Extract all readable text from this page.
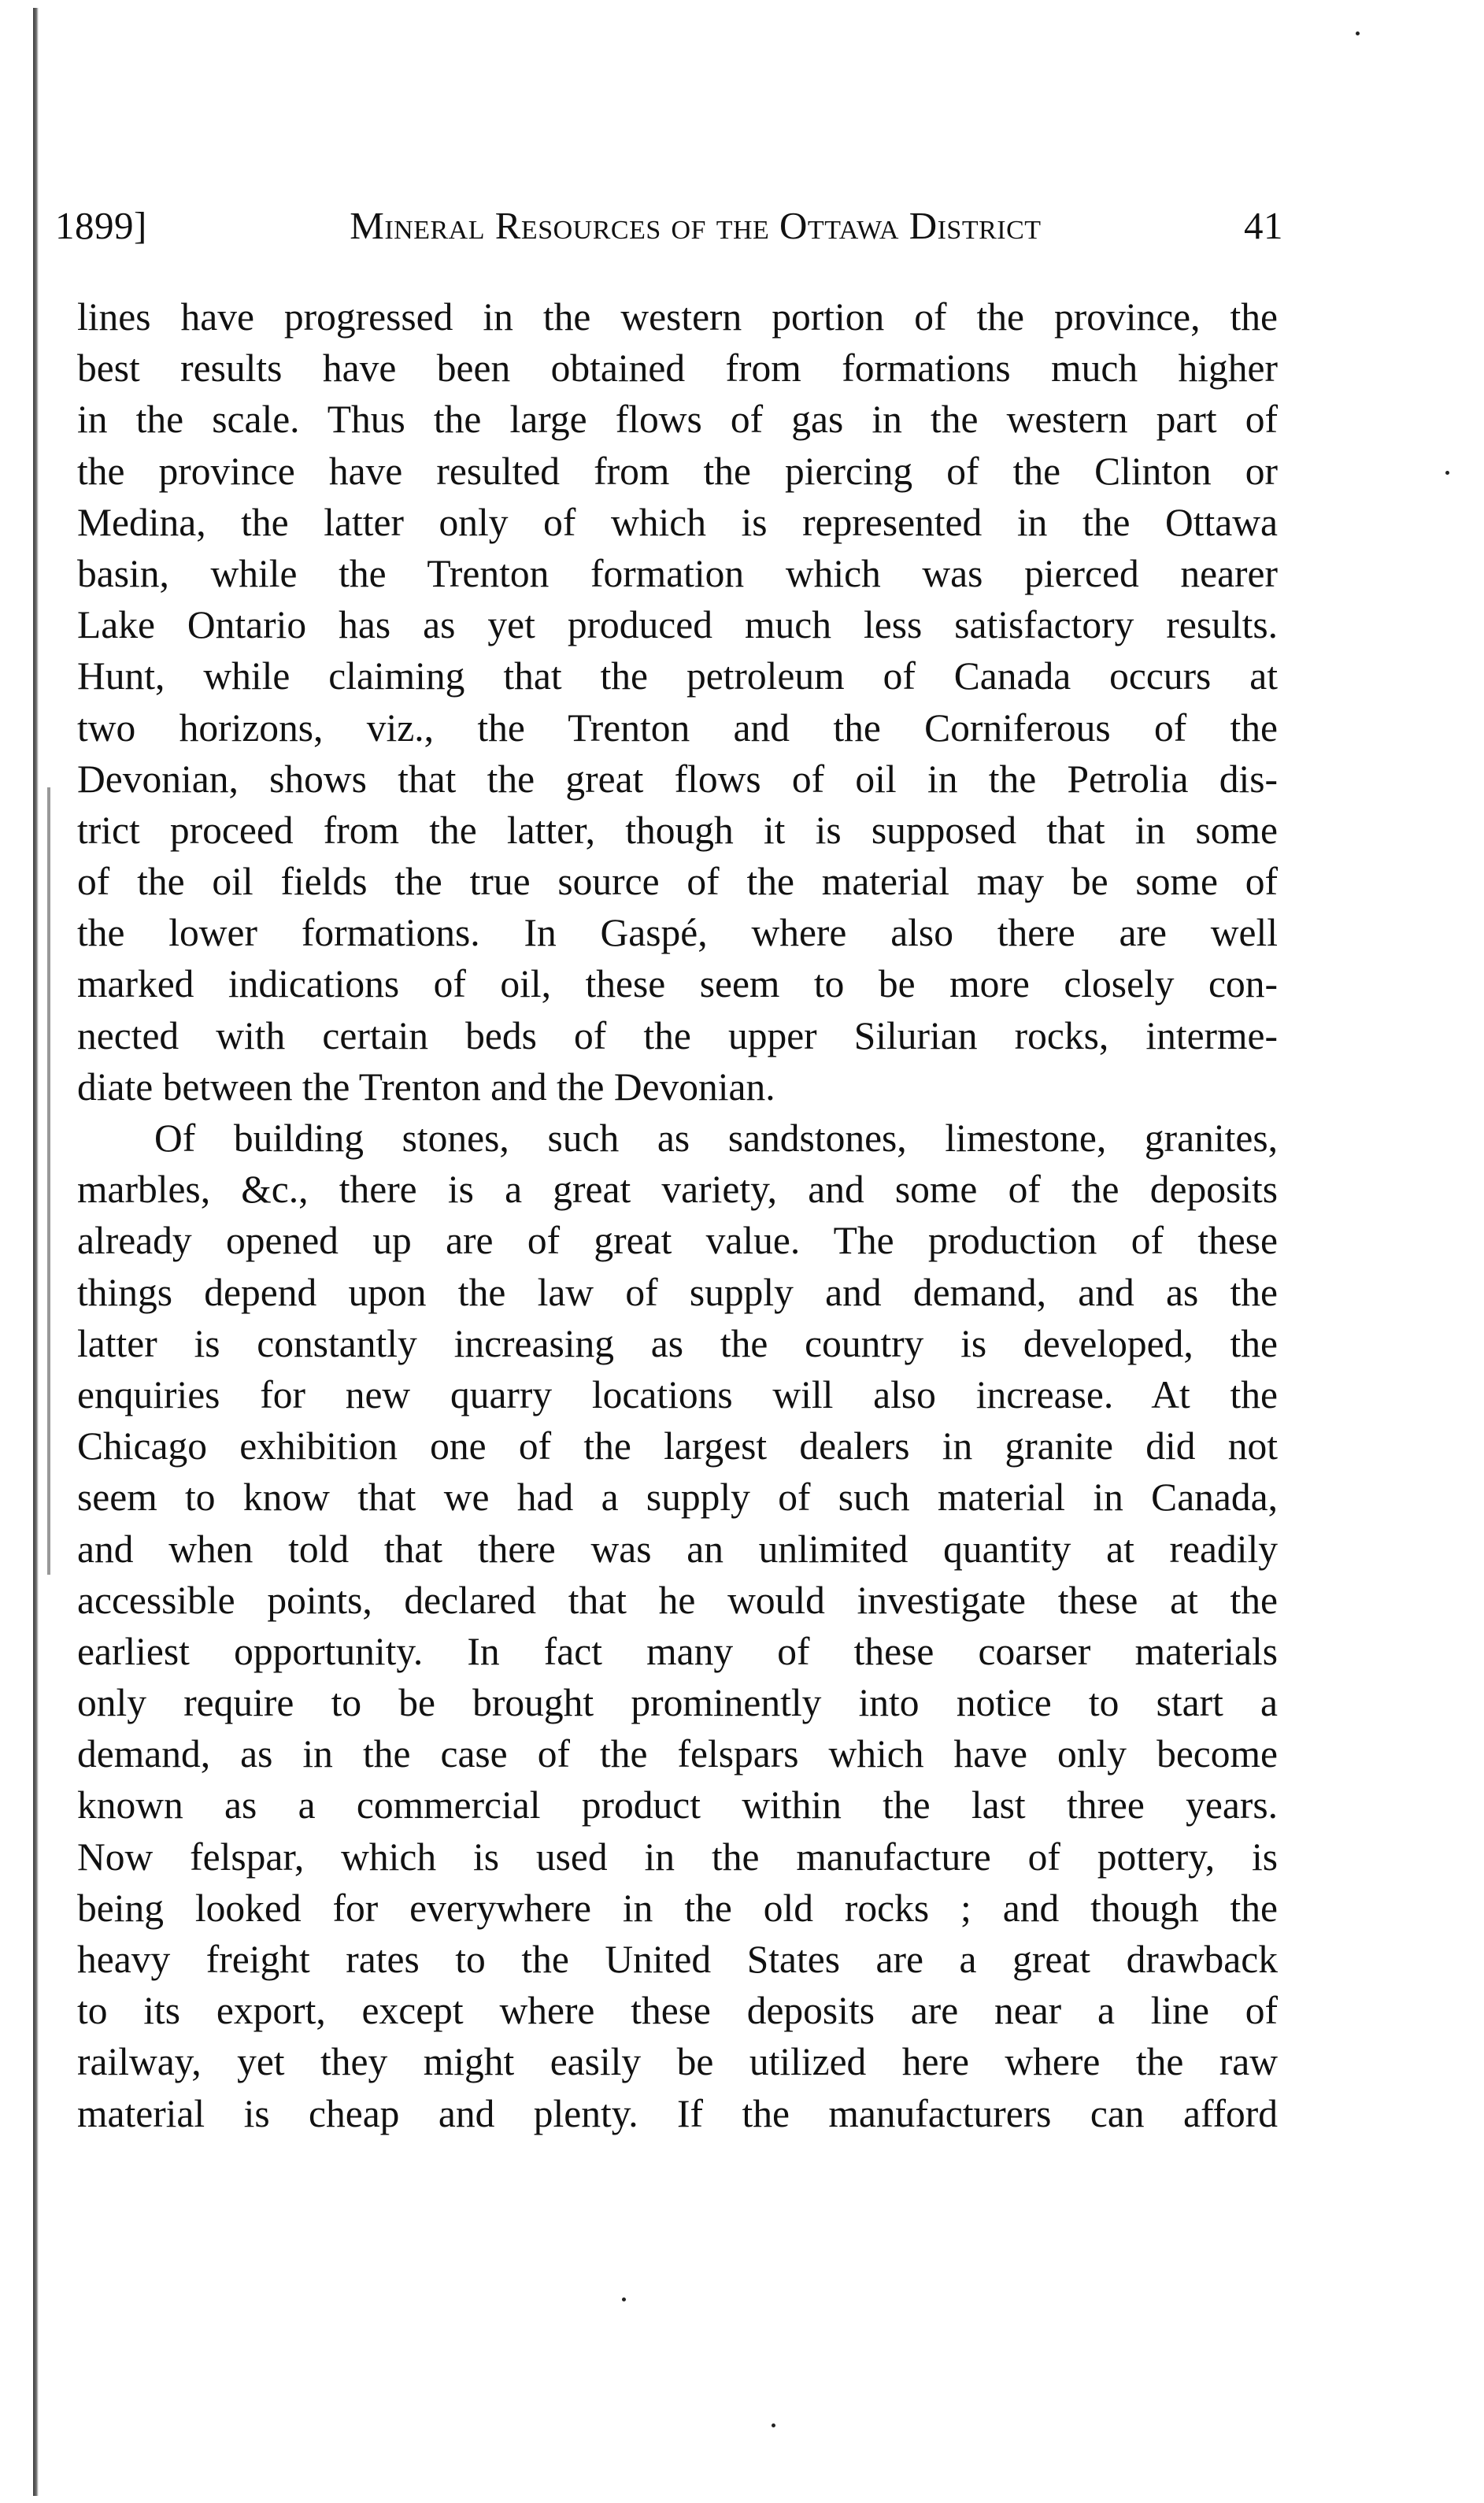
1899]	Mineral Resources of the Ottawa District	41
lines have progressed in the western portion of the province, the
best results have been obtained from formations much higher
in the scale. Thus the large flows of gas in the western part of
the province have resulted from the piercing of the Clinton or
Medina, the latter only of which is represented in the Ottawa
basin, while the Trenton formation which was pierced nearer
Lake Ontario has as yet produced much less satisfactory results.
Hunt, while claiming that the petroleum of Canada occurs at
two horizons, viz., the Trenton and the Corniferous of the
Devonian, shows that the great flows of oil in the Petrolia dis-
trict proceed from the latter, though it is supposed that in some
of the oil fields the true source of the material may be some of
the lower formations. In Gaspé, where also there are well
marked indications of oil, these seem to be more closely con-
nected with certain beds of the upper Silurian rocks, interme-
diate between the Trenton and the Devonian.
Of building stones, such as sandstones, limestone, granites,
marbles, &c., there is a great variety, and some of the deposits
already opened up are of great value. The production of these
things depend upon the law of supply and demand, and as the
latter is constantly increasing as the country is developed, the
enquiries for new quarry locations will also increase. At the
Chicago exhibition one of the largest dealers in granite did not
seem to know that we had a supply of such material in Canada,
and when told that there was an unlimited quantity at readily
accessible points, declared that he would investigate these at the
earliest opportunity. In fact many of these coarser materials
only require to be brought prominently into notice to start a
demand, as in the case of the felspars which have only become
known as a commercial product within the last three years.
Now felspar, which is used in the manufacture of pottery, is
being looked for everywhere in the old rocks ; and though the
heavy freight rates to the United States are a great drawback
to its export, except where these deposits are near a line of
railway, yet they might easily be utilized here where the raw
material is cheap and plenty. If the manufacturers can afford
